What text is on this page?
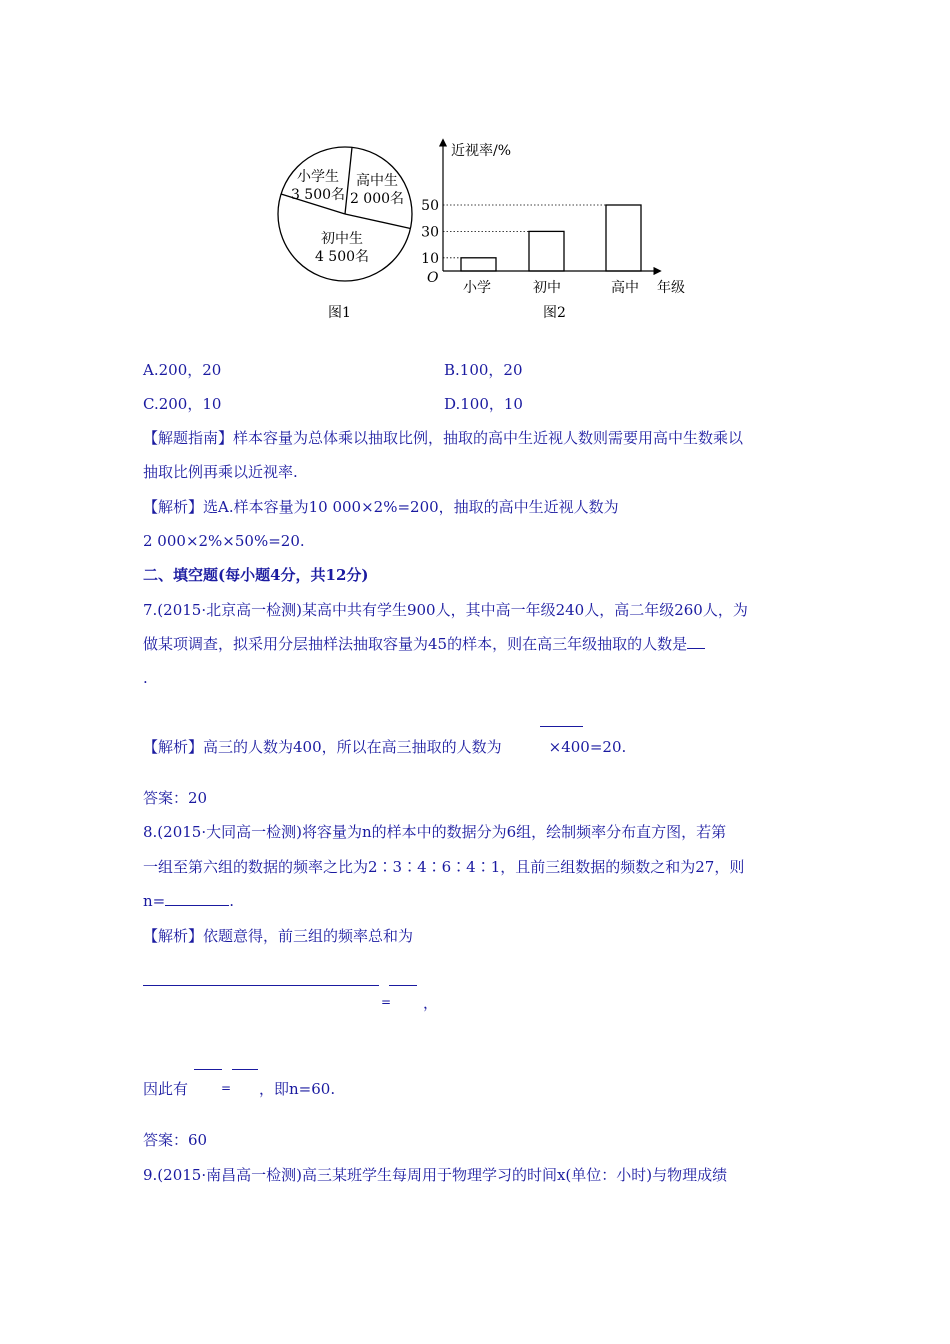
小学生
3 500名
高中生
2 000名
初中生
4 500名
图1
10
30
50
近视率/%
O
小学	初中	高中 年级
图2
A.200，20	B.100，20
C.200，10	D.100，10
【解题指南】样本容量为总体乘以抽取比例，抽取的高中生近视人数则需要用高中生数乘以
抽取比例再乘以近视率.
【解析】选A.样本容量为10 000×2%=200，抽取的高中生近视人数为
2 000×2%×50%=20.
二、填空题(每小题4分，共12分)
7.(2015·北京高一检测)某高中共有学生900人，其中高一年级240人，高二年级260人，为
做某项调查，拟采用分层抽样法抽取容量为45的样本，则在高三年级抽取的人数是
.
【解析】高三的人数为400，所以在高三抽取的人数为	×400=20.
答案：20
8.(2015·大同高一检测)将容量为n的样本中的数据分为6组，绘制频率分布直方图，若第
一组至第六组的数据的频率之比为2∶3∶4∶6∶4∶1，且前三组数据的频数之和为27，则
n=	.
【解析】依题意得，前三组的频率总和为
= ，
因此有	= ，即n=60.
答案：60
9.(2015·南昌高一检测)高三某班学生每周用于物理学习的时间x(单位：小时)与物理成绩
